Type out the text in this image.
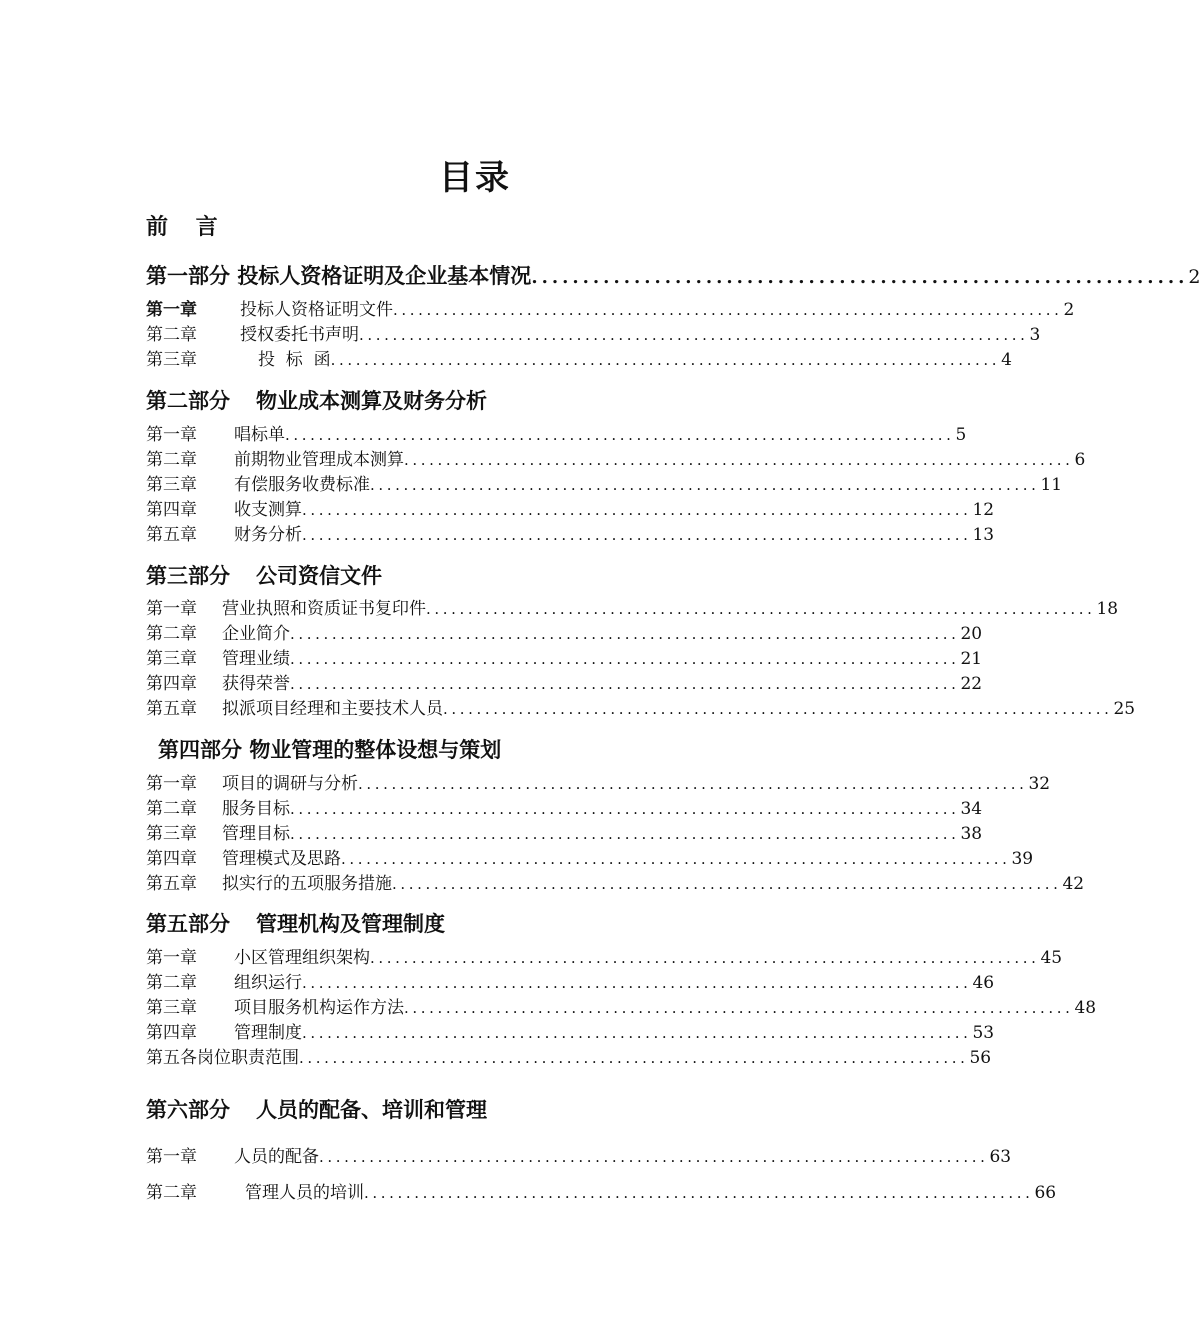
目录
前 言
第一部分 投标人资格证明及企业基本情况 ................................................................ 2
第一章	投标人资格证明文件 ................................................................................ 2
第二章	授权委托书声明 ................................................................................ 3
第三章	投  标  函 ................................................................................ 4
第二部分 物业成本测算及财务分析
第一章 唱标单 ................................................................................ 5
第二章 前期物业管理成本测算 ................................................................................ 6
第三章 有偿服务收费标准 ................................................................................ 11
第四章 收支测算 ................................................................................ 12
第五章 财务分析 ................................................................................ 13
第三部分 公司资信文件
第一章 营业执照和资质证书复印件 ................................................................................ 18
第二章 企业简介 ................................................................................ 20
第三章 管理业绩 ................................................................................ 21
第四章 获得荣誉 ................................................................................ 22
第五章 拟派项目经理和主要技术人员 ................................................................................ 25
第四部分 物业管理的整体设想与策划
第一章 项目的调研与分析 ................................................................................ 32
第二章 服务目标 ................................................................................ 34
第三章 管理目标 ................................................................................ 38
第四章 管理模式及思路 ................................................................................ 39
第五章 拟实行的五项服务措施 ................................................................................ 42
第五部分 管理机构及管理制度
第一章 小区管理组织架构 ................................................................................ 45
第二章 组织运行 ................................................................................ 46
第三章 项目服务机构运作方法 ................................................................................ 48
第四章 管理制度 ................................................................................ 53
第五各岗位职责范围 ................................................................................ 56
第六部分 人员的配备、培训和管理
第一章 人员的配备 ................................................................................ 63
第二章	管理人员的培训 ................................................................................ 66
